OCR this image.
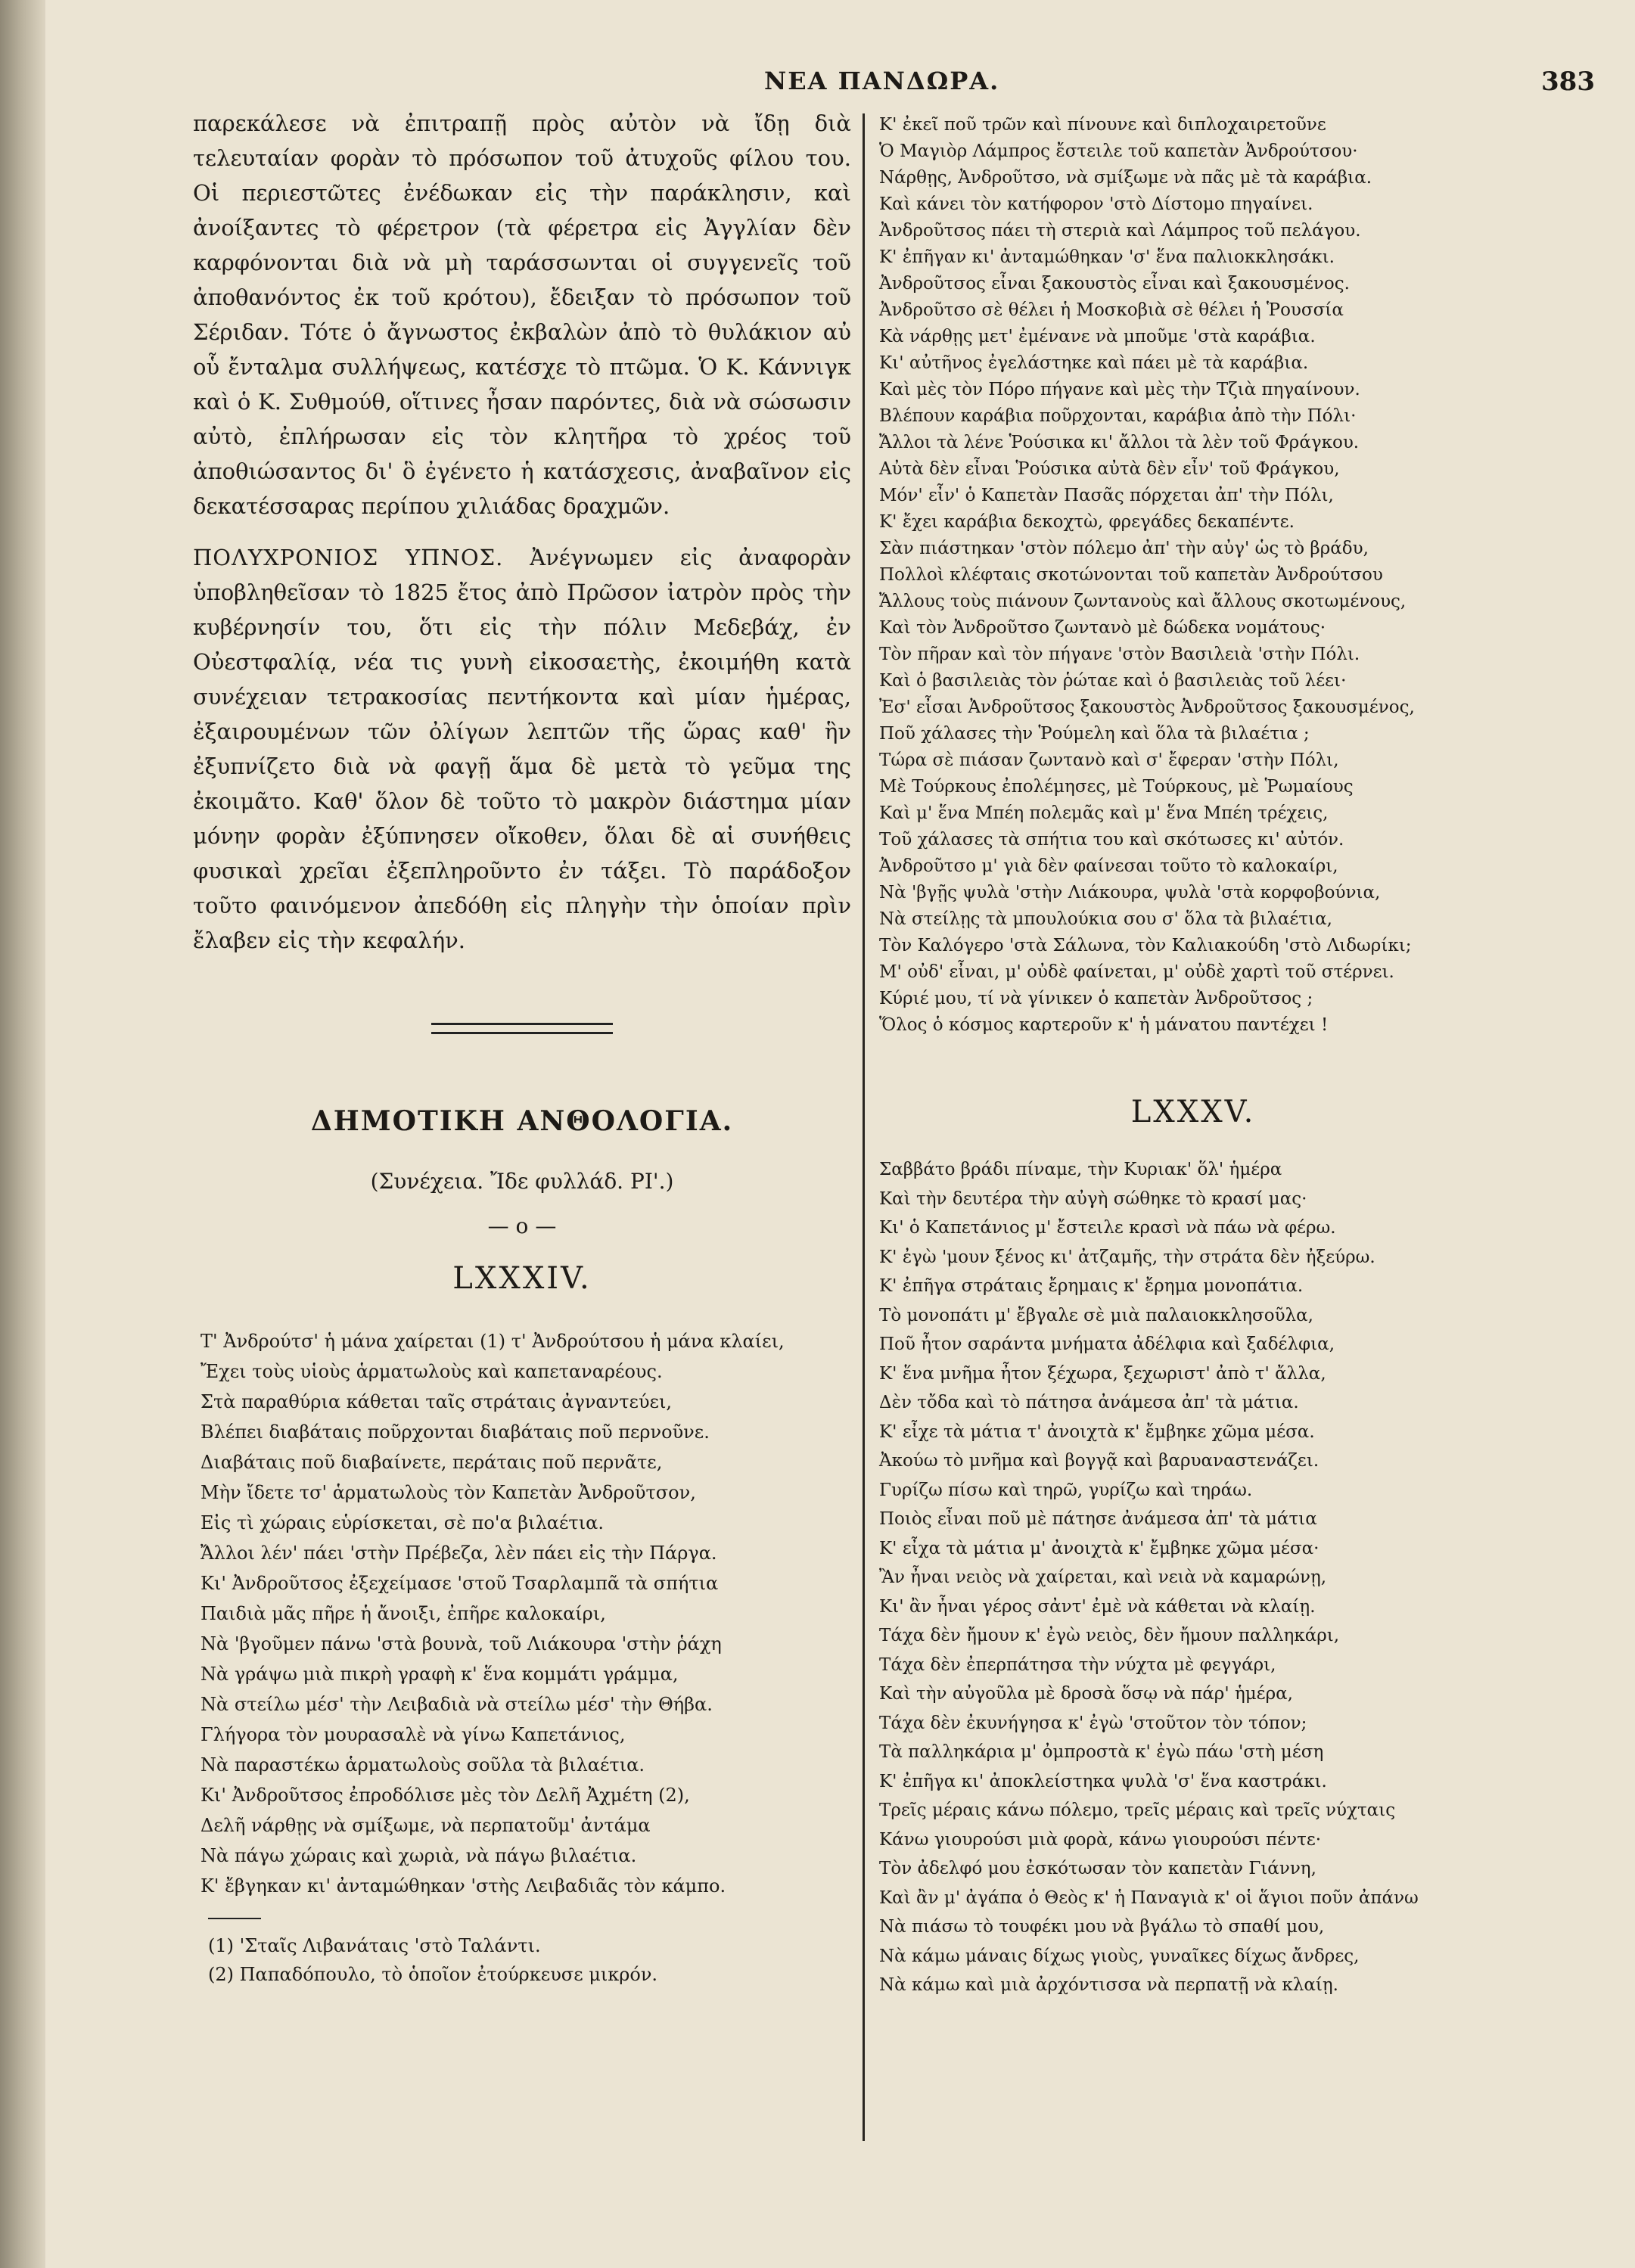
ΝΕΑ ΠΑΝΔΩΡΑ.	383

παρεκάλεσε νὰ ἐπιτραπῇ πρὸς αὐτὸν νὰ ἴδῃ διὰ τελευταίαν φορὰν τὸ πρόσωπον τοῦ ἀτυχοῦς φίλου του. Οἱ περιεστῶτες ἐνέδωκαν εἰς τὴν παράκλησιν, καὶ ἀνοίξαντες τὸ φέρετρον (τὰ φέρετρα εἰς Ἀγγλίαν δὲν καρφόνονται διὰ νὰ μὴ ταράσσωνται οἱ συγγενεῖς τοῦ ἀποθανόντος ἐκ τοῦ κρότου), ἔδειξαν τὸ πρόσωπον τοῦ Σέριδαν. Τότε ὁ ἄγνωστος ἐκβαλὼν ἀπὸ τὸ θυλάκιον αὐ οὗ ἔνταλμα συλλήψεως, κατέσχε τὸ πτῶμα. Ὁ Κ. Κάννιγκ καὶ ὁ Κ. Συθμούθ, οἵτινες ἦσαν παρόντες, διὰ νὰ σώσωσιν αὐτὸ, ἐπλήρωσαν εἰς τὸν κλητῆρα τὸ χρέος τοῦ ἀποθιώσαντος δι' ὃ ἐγένετο ἡ κατάσχεσις, ἀναβαῖνον εἰς δεκατέσσαρας περίπου χιλιάδας δραχμῶν.

ΠΟΛΥΧΡΟΝΙΟΣ ΥΠΝΟΣ. Ἀνέγνωμεν εἰς ἀναφορὰν ὑποβληθεῖσαν τὸ 1825 ἔτος ἀπὸ Πρῶσον ἰατρὸν πρὸς τὴν κυβέρνησίν του, ὅτι εἰς τὴν πόλιν Μεδεβάχ, ἐν Οὐεστφαλίᾳ, νέα τις γυνὴ εἰκοσαετὴς, ἐκοιμήθη κατὰ συνέχειαν τετρακοσίας πεντήκοντα καὶ μίαν ἡμέρας, ἐξαιρουμένων τῶν ὀλίγων λεπτῶν τῆς ὥρας καθ' ἣν ἐξυπνίζετο διὰ νὰ φαγῇ ἅμα δὲ μετὰ τὸ γεῦμα της ἐκοιμᾶτο. Καθ' ὅλον δὲ τοῦτο τὸ μακρὸν διάστημα μίαν μόνην φορὰν ἐξύπνησεν οἴκοθεν, ὅλαι δὲ αἱ συνήθεις φυσικαὶ χρεῖαι ἐξεπληροῦντο ἐν τάξει. Τὸ παράδοξον τοῦτο φαινόμενον ἀπεδόθη εἰς πληγὴν τὴν ὁποίαν πρὶν ἔλαβεν εἰς τὴν κεφαλήν.

ΔΗΜΟΤΙΚΗ ΑΝΘΟΛΟΓΙΑ.
(Συνέχεια. Ἴδε φυλλάδ. ΡΙ'.)
— o —
LXXXIV.
Τ' Ἀνδρούτσ' ἡ μάνα χαίρεται (1) τ' Ἀνδρούτσου ἡ μάνα κλαίει,
Ἔχει τοὺς υἱοὺς ἁρματωλοὺς καὶ καπεταναρέους.
Στὰ παραθύρια κάθεται ταῖς στράταις ἀγναντεύει,
Βλέπει διαβάταις ποῦρχονται διαβάταις ποῦ περνοῦνε.
Διαβάταις ποῦ διαβαίνετε, περάταις ποῦ περνᾶτε,
Μὴν ἴδετε τσ' ἁρματωλοὺς τὸν Καπετὰν Ἀνδροῦτσον,
Εἰς τὶ χώραις εὑρίσκεται, σὲ πο'α βιλαέτια.
Ἄλλοι λέν' πάει 'στὴν Πρέβεζα, λὲν πάει εἰς τὴν Πάργα.
Κι' Ἀνδροῦτσος ἐξεχείμασε 'στοῦ Τσαρλαμπᾶ τὰ σπήτια
Παιδιὰ μᾶς πῆρε ἡ ἄνοιξι, ἐπῆρε καλοκαίρι,
Νὰ 'βγοῦμεν πάνω 'στὰ βουνὰ, τοῦ Λιάκουρα 'στὴν ῥάχη
Νὰ γράψω μιὰ πικρὴ γραφὴ κ' ἕνα κομμάτι γράμμα,
Νὰ στείλω μέσ' τὴν Λειβαδιὰ νὰ στείλω μέσ' τὴν Θήβα.
Γλήγορα τὸν μουρασαλὲ νὰ γίνω Καπετάνιος,
Νὰ παραστέκω ἁρματωλοὺς σοῦλα τὰ βιλαέτια.
Κι' Ἀνδροῦτσος ἐπροδόλισε μὲς τὸν Δελῆ Ἀχμέτη (2),
Δελῆ νάρθῃς νὰ σμίξωμε, νὰ περπατοῦμ' ἀντάμα
Νὰ πάγω χώραις καὶ χωριὰ, νὰ πάγω βιλαέτια.
Κ' ἔβγηκαν κι' ἀνταμώθηκαν 'στὴς Λειβαδιᾶς τὸν κάμπο.
(1) 'Σταῖς Λιβανάταις 'στὸ Ταλάντι.
(2) Παπαδόπουλο, τὸ ὁποῖον ἐτούρκευσε μικρόν.
Κ' ἐκεῖ ποῦ τρῶν καὶ πίνουνε καὶ διπλοχαιρετοῦνε
Ὁ Μαγιὸρ Λάμπρος ἔστειλε τοῦ καπετὰν Ἀνδρούτσου·
Νάρθῃς, Ἀνδροῦτσο, νὰ σμίξωμε νὰ πᾶς μὲ τὰ καράβια.
Καὶ κάνει τὸν κατήφορον 'στὸ Δίστομο πηγαίνει.
Ἀνδροῦτσος πάει τὴ στεριὰ καὶ Λάμπρος τοῦ πελάγου.
Κ' ἐπῆγαν κι' ἀνταμώθηκαν 'σ' ἕνα παλιοκκλησάκι.
Ἀνδροῦτσος εἶναι ξακουστὸς εἶναι καὶ ξακουσμένος.
Ἀνδροῦτσο σὲ θέλει ἡ Μοσκοβιὰ σὲ θέλει ἡ Ῥουσσία
Κὰ νάρθῃς μετ' ἐμένανε νὰ μποῦμε 'στὰ καράβια.
Κι' αὐτῆνος ἐγελάστηκε καὶ πάει μὲ τὰ καράβια.
Καὶ μὲς τὸν Πόρο πήγανε καὶ μὲς τὴν Τζιὰ πηγαίνουν.
Βλέπουν καράβια ποῦρχονται, καράβια ἀπὸ τὴν Πόλι·
Ἄλλοι τὰ λένε Ῥούσικα κι' ἄλλοι τὰ λὲν τοῦ Φράγκου.
Αὐτὰ δὲν εἶναι Ῥούσικα αὐτὰ δὲν εἶν' τοῦ Φράγκου,
Μόν' εἶν' ὁ Καπετὰν Πασᾶς πόρχεται ἀπ' τὴν Πόλι,
Κ' ἔχει καράβια δεκοχτὼ, φρεγάδες δεκαπέντε.
Σὰν πιάστηκαν 'στὸν πόλεμο ἀπ' τὴν αὐγ' ὡς τὸ βράδυ,
Πολλοὶ κλέφταις σκοτώνονται τοῦ καπετὰν Ἀνδρούτσου
Ἄλλους τοὺς πιάνουν ζωντανοὺς καὶ ἄλλους σκοτωμένους,
Καὶ τὸν Ἀνδροῦτσο ζωντανὸ μὲ δώδεκα νομάτους·
Τὸν πῆραν καὶ τὸν πήγανε 'στὸν Βασιλειὰ 'στὴν Πόλι.
Καὶ ὁ βασιλειὰς τὸν ῥώταε καὶ ὁ βασιλειὰς τοῦ λέει·
Ἐσ' εἶσαι Ἀνδροῦτσος ξακουστὸς Ἀνδροῦτσος ξακουσμένος,
Ποῦ χάλασες τὴν Ῥούμελη καὶ ὅλα τὰ βιλαέτια ;
Τώρα σὲ πιάσαν ζωντανὸ καὶ σ' ἔφεραν 'στὴν Πόλι,
Μὲ Τούρκους ἐπολέμησες, μὲ Τούρκους, μὲ Ῥωμαίους
Καὶ μ' ἕνα Μπέη πολεμᾶς καὶ μ' ἕνα Μπέη τρέχεις,
Τοῦ χάλασες τὰ σπήτια του καὶ σκότωσες κι' αὐτόν.
Ἀνδροῦτσο μ' γιὰ δὲν φαίνεσαι τοῦτο τὸ καλοκαίρι,
Νὰ 'βγῇς ψυλὰ 'στὴν Λιάκουρα, ψυλὰ 'στὰ κορφοβούνια,
Νὰ στείλῃς τὰ μπουλούκια σου σ' ὅλα τὰ βιλαέτια,
Τὸν Καλόγερο 'στὰ Σάλωνα, τὸν Καλιακούδη 'στὸ Λιδωρίκι;
Μ' οὐδ' εἶναι, μ' οὐδὲ φαίνεται, μ' οὐδὲ χαρτὶ τοῦ στέρνει.
Κύριέ μου, τί νὰ γίνικεν ὁ καπετὰν Ἀνδροῦτσος ;
Ὅλος ὁ κόσμος καρτεροῦν κ' ἡ μάνατου παντέχει !
LXXXV.
Σαββάτο βράδι πίναμε, τὴν Κυριακ' ὅλ' ἡμέρα
Καὶ τὴν δευτέρα τὴν αὐγὴ σώθηκε τὸ κρασί μας·
Κι' ὁ Καπετάνιος μ' ἔστειλε κρασὶ νὰ πάω νὰ φέρω.
Κ' ἐγὼ 'μουν ξένος κι' ἀτζαμῆς, τὴν στράτα δὲν ἠξεύρω.
Κ' ἐπῆγα στράταις ἔρημαις κ' ἔρημα μονοπάτια.
Τὸ μονοπάτι μ' ἔβγαλε σὲ μιὰ παλαιοκκλησοῦλα,
Ποῦ ἦτον σαράντα μνήματα ἀδέλφια καὶ ξαδέλφια,
Κ' ἕνα μνῆμα ἦτον ξέχωρα, ξεχωριστ' ἀπὸ τ' ἄλλα,
Δὲν τὄδα καὶ τὸ πάτησα ἀνάμεσα ἀπ' τὰ μάτια.
Κ' εἶχε τὰ μάτια τ' ἀνοιχτὰ κ' ἔμβηκε χῶμα μέσα.
Ἀκούω τὸ μνῆμα καὶ βογγᾷ καὶ βαρυαναστενάζει.
Γυρίζω πίσω καὶ τηρῶ, γυρίζω καὶ τηράω.
Ποιὸς εἶναι ποῦ μὲ πάτησε ἀνάμεσα ἀπ' τὰ μάτια
Κ' εἶχα τὰ μάτια μ' ἀνοιχτὰ κ' ἔμβηκε χῶμα μέσα·
Ἂν ἦναι νειὸς νὰ χαίρεται, καὶ νειὰ νὰ καμαρώνῃ,
Κι' ἂν ἦναι γέρος σἀντ' ἐμὲ νὰ κάθεται νὰ κλαίῃ.
Τάχα δὲν ἤμουν κ' ἐγὼ νειὸς, δὲν ἤμουν παλληκάρι,
Τάχα δὲν ἐπερπάτησα τὴν νύχτα μὲ φεγγάρι,
Καὶ τὴν αὐγοῦλα μὲ δροσὰ ὅσῳ νὰ πάρ' ἡμέρα,
Τάχα δὲν ἐκυνήγησα κ' ἐγὼ 'στοῦτον τὸν τόπον;
Τὰ παλληκάρια μ' ὀμπροστὰ κ' ἐγὼ πάω 'στὴ μέση
Κ' ἐπῆγα κι' ἀποκλείστηκα ψυλὰ 'σ' ἕνα καστράκι.
Τρεῖς μέραις κάνω πόλεμο, τρεῖς μέραις καὶ τρεῖς νύχταις
Κάνω γιουρούσι μιὰ φορὰ, κάνω γιουρούσι πέντε·
Τὸν ἀδελφό μου ἐσκότωσαν τὸν καπετὰν Γιάννη,
Καὶ ἂν μ' ἀγάπα ὁ Θεὸς κ' ἡ Παναγιὰ κ' οἱ ἅγιοι ποῦν ἀπάνω
Νὰ πιάσω τὸ τουφέκι μου νὰ βγάλω τὸ σπαθί μου,
Νὰ κάμω μάναις δίχως γιοὺς, γυναῖκες δίχως ἄνδρες,
Νὰ κάμω καὶ μιὰ ἀρχόντισσα νὰ περπατῇ νὰ κλαίῃ.
